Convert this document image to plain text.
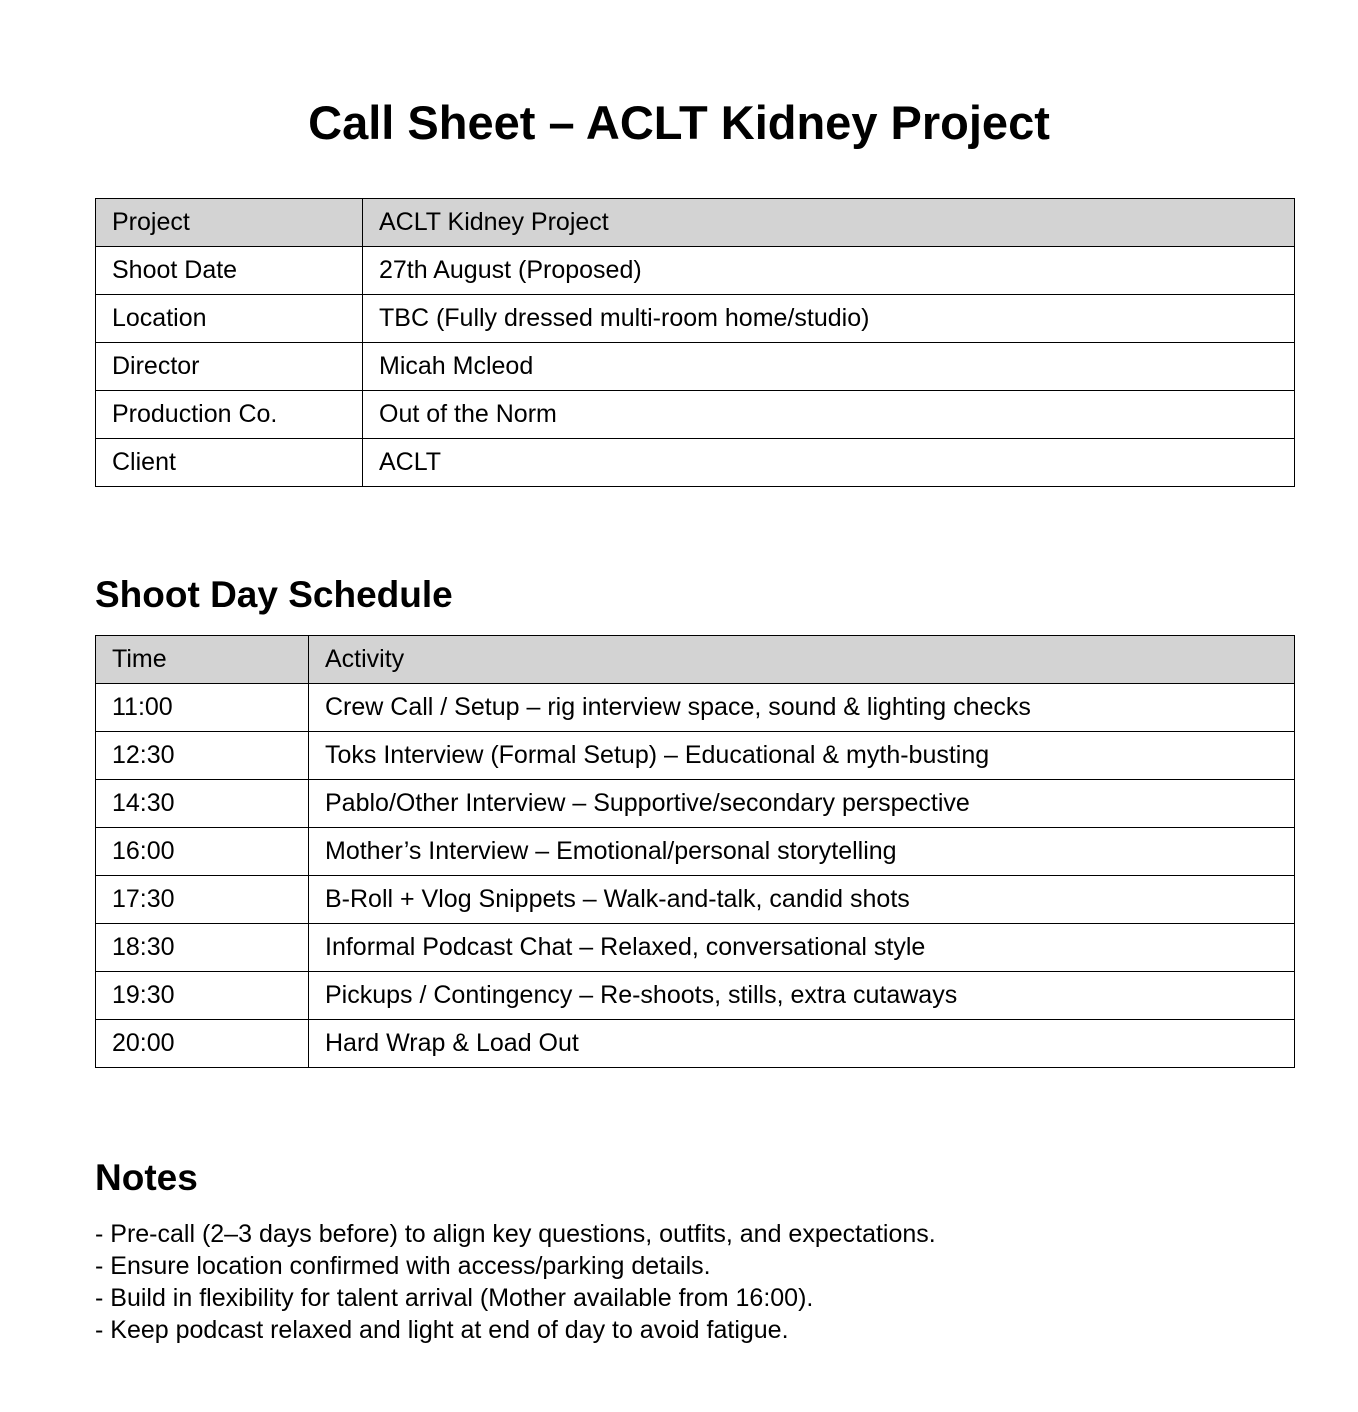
Call Sheet – ACLT Kidney Project
Project	ACLT Kidney Project
Shoot Date	27th August (Proposed)
Location	TBC (Fully dressed multi-room home/studio)
Director	Micah Mcleod
Production Co.	Out of the Norm
Client	ACLT
Shoot Day Schedule
Time	Activity
11:00	Crew Call / Setup – rig interview space, sound & lighting checks
12:30	Toks Interview (Formal Setup) – Educational & myth-busting
14:30	Pablo/Other Interview – Supportive/secondary perspective
16:00	Mother’s Interview – Emotional/personal storytelling
17:30	B-Roll + Vlog Snippets – Walk-and-talk, candid shots
18:30	Informal Podcast Chat – Relaxed, conversational style
19:30	Pickups / Contingency – Re-shoots, stills, extra cutaways
20:00	Hard Wrap & Load Out
Notes
- Pre-call (2–3 days before) to align key questions, outfits, and expectations.
- Ensure location confirmed with access/parking details.
- Build in flexibility for talent arrival (Mother available from 16:00).
- Keep podcast relaxed and light at end of day to avoid fatigue.
